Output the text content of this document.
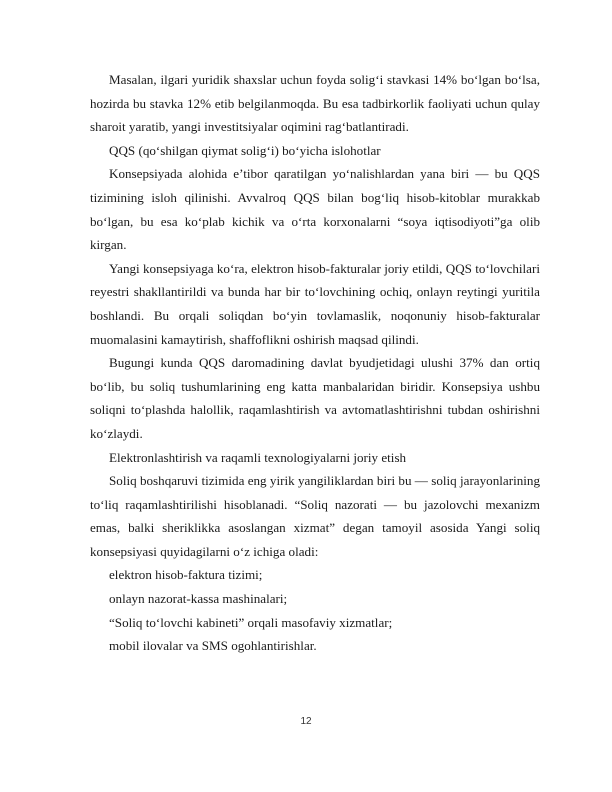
Masalan, ilgari yuridik shaxslar uchun foyda solig‘i stavkasi 14% bo‘lgan bo‘lsa, hozirda bu stavka 12% etib belgilanmoqda. Bu esa tadbirkorlik faoliyati uchun qulay sharoit yaratib, yangi investitsiyalar oqimini rag‘batlantiradi.

QQS (qo‘shilgan qiymat solig‘i) bo‘yicha islohotlar

Konsepsiyada alohida e’tibor qaratilgan yo‘nalishlardan yana biri — bu QQS tizimining isloh qilinishi. Avvalroq QQS bilan bog‘liq hisob-kitoblar murakkab bo‘lgan, bu esa ko‘plab kichik va o‘rta korxonalarni “soya iqtisodiyoti”ga olib kirgan.

Yangi konsepsiyaga ko‘ra, elektron hisob-fakturalar joriy etildi, QQS to‘lovchilari reyestri shakllantirildi va bunda har bir to‘lovchining ochiq, onlayn reytingi yuritila boshlandi. Bu orqali soliqdan bo‘yin tovlamaslik, noqonuniy hisob-fakturalar muomalasini kamaytirish, shaffoflikni oshirish maqsad qilindi.

Bugungi kunda QQS daromadining davlat byudjetidagi ulushi 37% dan ortiq bo‘lib, bu soliq tushumlarining eng katta manbalaridan biridir. Konsepsiya ushbu soliqni to‘plashda halollik, raqamlashtirish va avtomatlashtirishni tubdan oshirishni ko‘zlaydi.

Elektronlashtirish va raqamli texnologiyalarni joriy etish

Soliq boshqaruvi tizimida eng yirik yangiliklardan biri bu — soliq jarayonlarining to‘liq raqamlashtirilishi hisoblanadi. “Soliq nazorati — bu jazolovchi mexanizm emas, balki sheriklikka asoslangan xizmat” degan tamoyil asosida Yangi soliq konsepsiyasi quyidagilarni o‘z ichiga oladi:

elektron hisob-faktura tizimi;

onlayn nazorat-kassa mashinalari;

“Soliq to‘lovchi kabineti” orqali masofaviy xizmatlar;

mobil ilovalar va SMS ogohlantirishlar.

12
